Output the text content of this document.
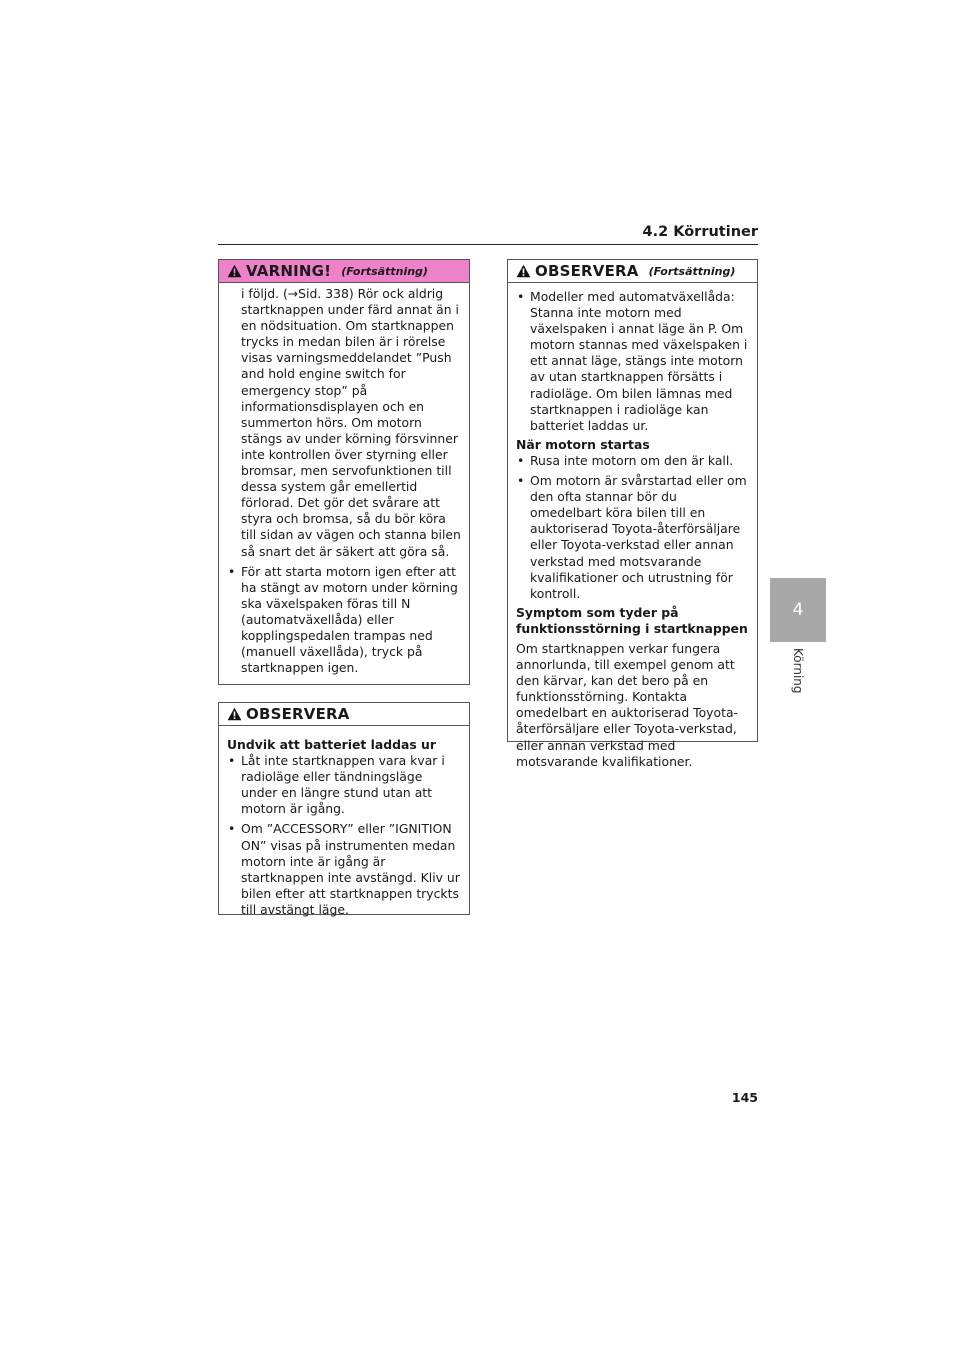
4.2 Körrutiner
4
Körning
VARNING! (Fortsättning)
i följd. (→Sid. 338) Rör ock aldrig startknappen under färd annat än i en nödsituation. Om startknappen trycks in medan bilen är i rörelse visas varningsmeddelandet ”Push and hold engine switch for emergency stop” på informationsdisplayen och en summerton hörs. Om motorn stängs av under körning försvinner inte kontrollen över styrning eller bromsar, men servofunktionen till dessa system går emellertid förlorad. Det gör det svårare att styra och bromsa, så du bör köra till sidan av vägen och stanna bilen så snart det är säkert att göra så.
• För att starta motorn igen efter att ha stängt av motorn under körning ska växelspaken föras till N (automatväxellåda) eller kopplingspedalen trampas ned (manuell växellåda), tryck på startknappen igen.
OBSERVERA
Undvik att batteriet laddas ur
• Låt inte startknappen vara kvar i radioläge eller tändningsläge under en längre stund utan att motorn är igång.
• Om ”ACCESSORY” eller ”IGNITION ON” visas på instrumenten medan motorn inte är igång är startknappen inte avstängd. Kliv ur bilen efter att startknappen tryckts till avstängt läge.
OBSERVERA (Fortsättning)
• Modeller med automatväxellåda: Stanna inte motorn med växelspaken i annat läge än P. Om motorn stannas med växelspaken i ett annat läge, stängs inte motorn av utan startknappen försätts i radioläge. Om bilen lämnas med startknappen i radioläge kan batteriet laddas ur.
När motorn startas
• Rusa inte motorn om den är kall.
• Om motorn är svårstartad eller om den ofta stannar bör du omedelbart köra bilen till en auktoriserad Toyota-återförsäljare eller Toyota-verkstad eller annan verkstad med motsvarande kvalifikationer och utrustning för kontroll.
Symptom som tyder på funktionsstörning i startknappen
Om startknappen verkar fungera annorlunda, till exempel genom att den kärvar, kan det bero på en funktionsstörning. Kontakta omedelbart en auktoriserad Toyota-återförsäljare eller Toyota-verkstad, eller annan verkstad med motsvarande kvalifikationer.
145
